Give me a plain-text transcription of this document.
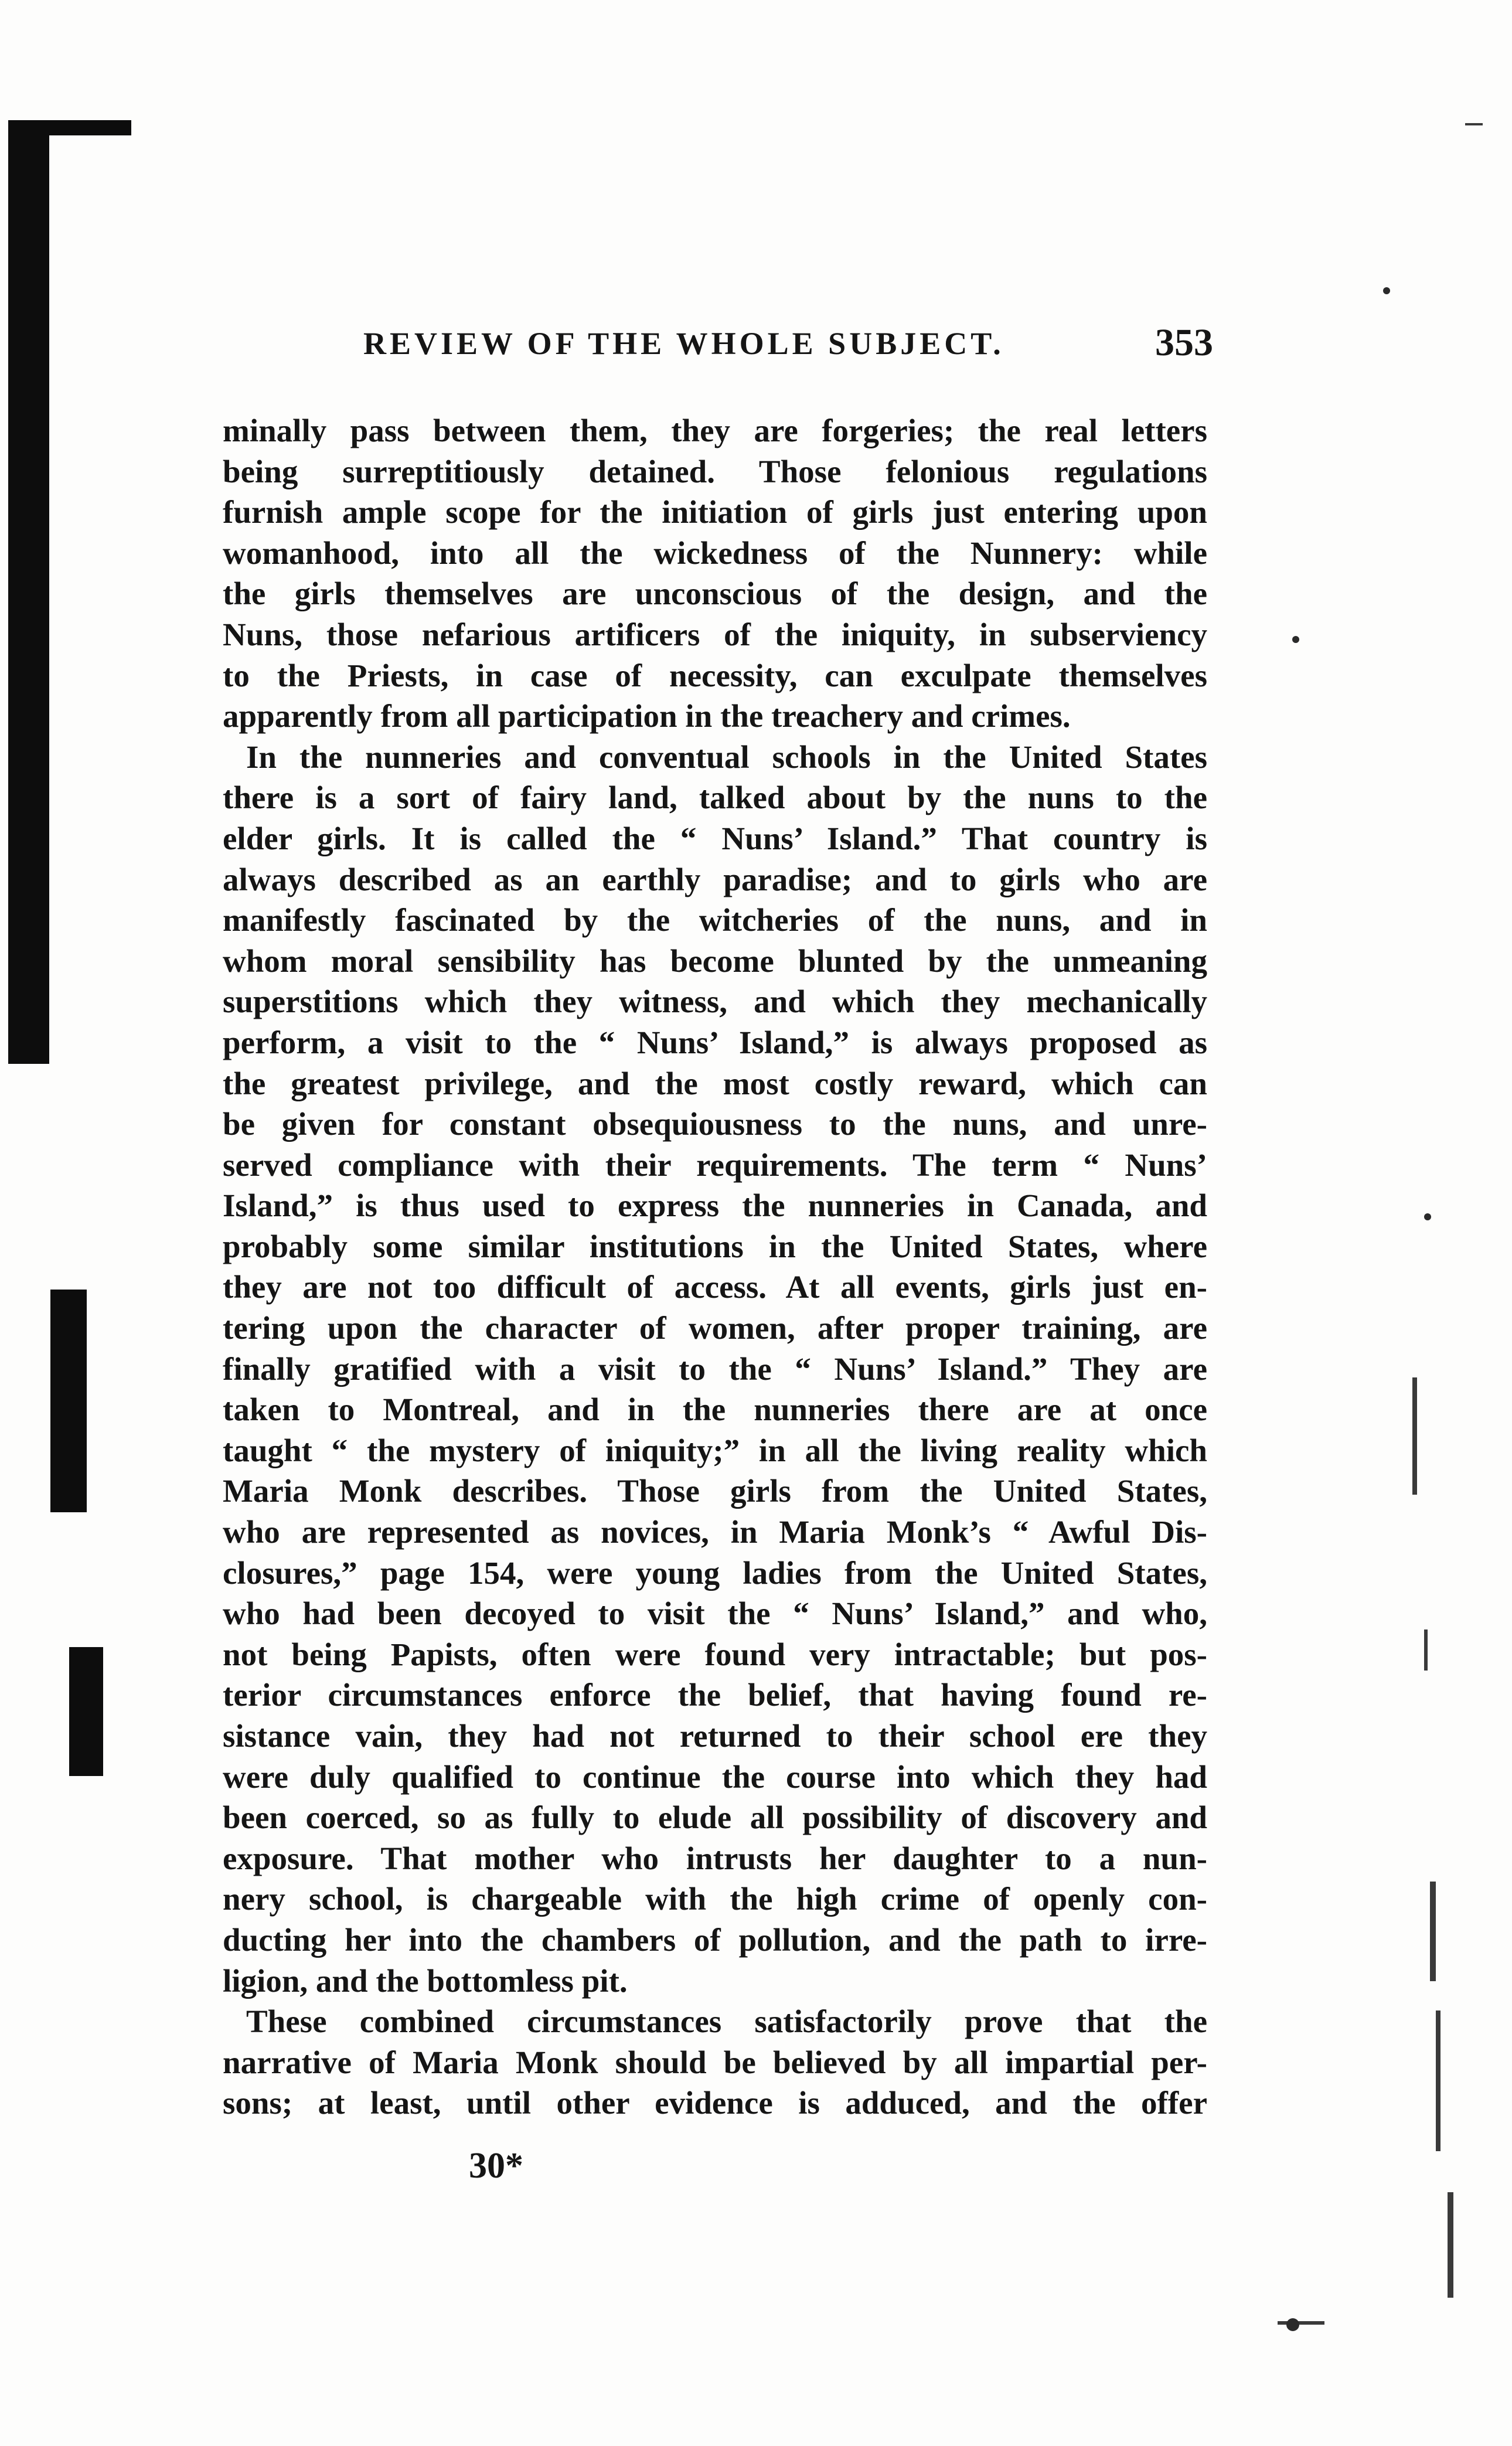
REVIEW OF THE WHOLE SUBJECT.	353
minally pass between them, they are forgeries; the real letters
being surreptitiously detained. Those felonious regulations
furnish ample scope for the initiation of girls just entering upon
womanhood, into all the wickedness of the Nunnery: while
the girls themselves are unconscious of the design, and the
Nuns, those nefarious artificers of the iniquity, in subserviency
to the Priests, in case of necessity, can exculpate themselves
apparently from all participation in the treachery and crimes.
In the nunneries and conventual schools in the United States
there is a sort of fairy land, talked about by the nuns to the
elder girls. It is called the “ Nuns’ Island.” That country is
always described as an earthly paradise; and to girls who are
manifestly fascinated by the witcheries of the nuns, and in
whom moral sensibility has become blunted by the unmeaning
superstitions which they witness, and which they mechanically
perform, a visit to the “ Nuns’ Island,” is always proposed as
the greatest privilege, and the most costly reward, which can
be given for constant obsequiousness to the nuns, and unre-
served compliance with their requirements. The term “ Nuns’
Island,” is thus used to express the nunneries in Canada, and
probably some similar institutions in the United States, where
they are not too difficult of access. At all events, girls just en-
tering upon the character of women, after proper training, are
finally gratified with a visit to the “ Nuns’ Island.” They are
taken to Montreal, and in the nunneries there are at once
taught “ the mystery of iniquity;” in all the living reality which
Maria Monk describes. Those girls from the United States,
who are represented as novices, in Maria Monk’s “ Awful Dis-
closures,” page 154, were young ladies from the United States,
who had been decoyed to visit the “ Nuns’ Island,” and who,
not being Papists, often were found very intractable; but pos-
terior circumstances enforce the belief, that having found re-
sistance vain, they had not returned to their school ere they
were duly qualified to continue the course into which they had
been coerced, so as fully to elude all possibility of discovery and
exposure. That mother who intrusts her daughter to a nun-
nery school, is chargeable with the high crime of openly con-
ducting her into the chambers of pollution, and the path to irre-
ligion, and the bottomless pit.
These combined circumstances satisfactorily prove that the
narrative of Maria Monk should be believed by all impartial per-
sons; at least, until other evidence is adduced, and the offer
30*
